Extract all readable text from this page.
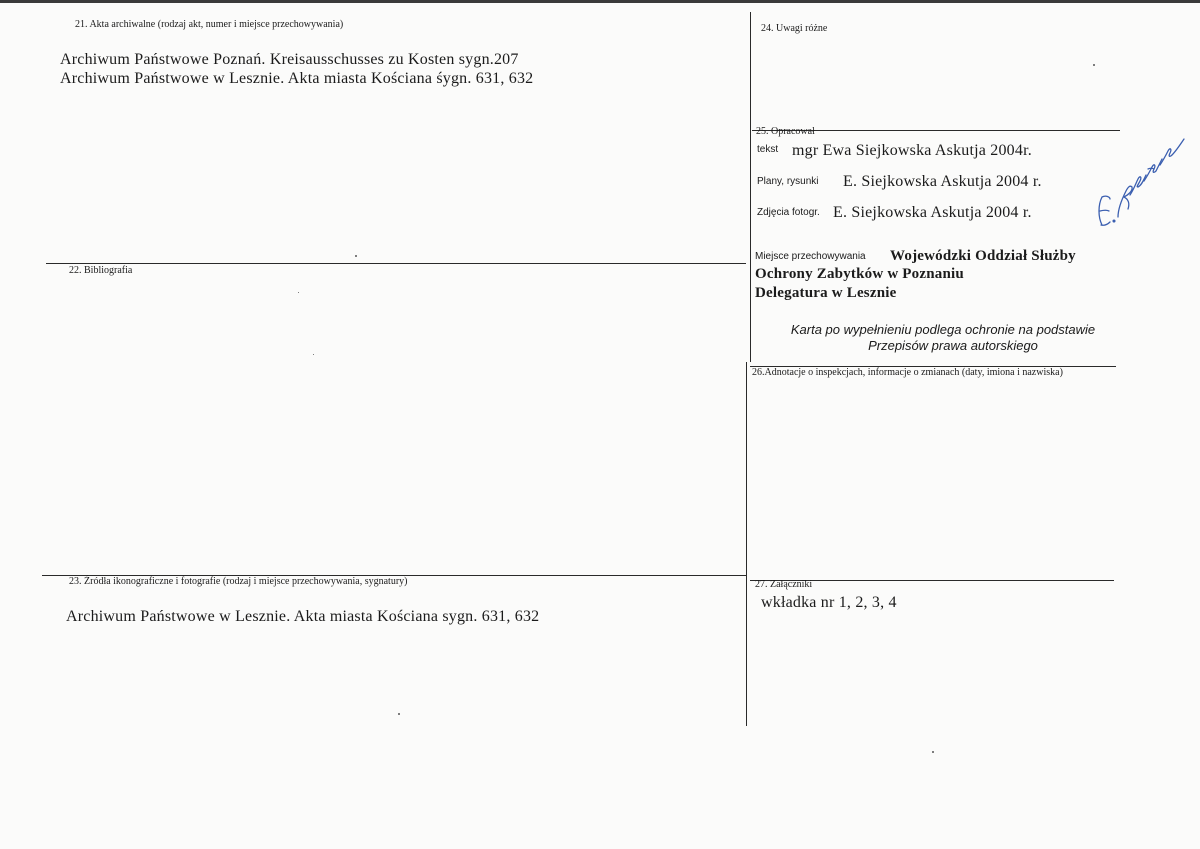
21. Akta archiwalne (rodzaj akt, numer i miejsce przechowywania)
Archiwum Państwowe Poznań. Kreisausschusses zu Kosten sygn.207
Archiwum Państwowe w Lesznie. Akta miasta Kościana śygn. 631, 632
24. Uwagi różne
25. Opracował
tekst mgr Ewa Siejkowska Askutja 2004r.
Plany, rysunki E. Siejkowska Askutja 2004 r.
Zdjęcia fotogr. E. Siejkowska Askutja 2004 r.
Miejsce przechowywania Wojewódzki Oddział Służby
Ochrony Zabytków w Poznaniu
Delegatura w Lesznie
Karta po wypełnieniu podlega ochronie na podstawie
Przepisów prawa autorskiego
22. Bibliografia
26.Adnotacje o inspekcjach, informacje o zmianach (daty, imiona i nazwiska)
23. Źródła ikonograficzne i fotografie (rodzaj i miejsce przechowywania, sygnatury)
Archiwum Państwowe w Lesznie. Akta miasta Kościana sygn. 631, 632
27. Załączniki
wkładka nr 1, 2, 3, 4
